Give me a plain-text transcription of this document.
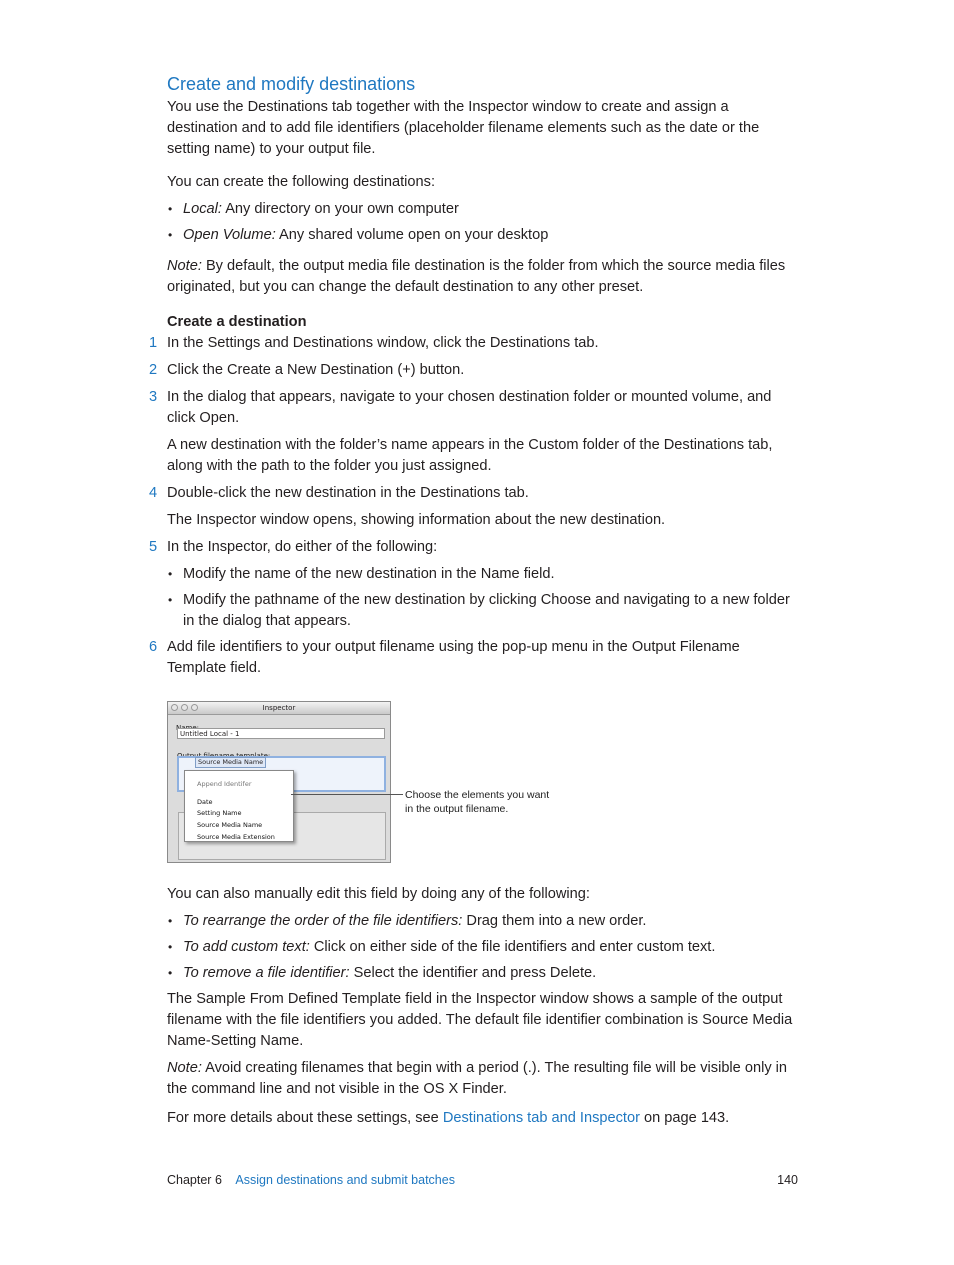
Create and modify destinations

You use the Destinations tab together with the Inspector window to create and assign a destination and to add file identifiers (placeholder filename elements such as the date or the setting name) to your output file.

You can create the following destinations:

• Local: Any directory on your own computer
• Open Volume: Any shared volume open on your desktop

Note: By default, the output media file destination is the folder from which the source media files originated, but you can change the default destination to any other preset.

Create a destination

1 In the Settings and Destinations window, click the Destinations tab.
2 Click the Create a New Destination (+) button.
3 In the dialog that appears, navigate to your chosen destination folder or mounted volume, and click Open.

A new destination with the folder’s name appears in the Custom folder of the Destinations tab, along with the path to the folder you just assigned.

4 Double-click the new destination in the Destinations tab.

The Inspector window opens, showing information about the new destination.

5 In the Inspector, do either of the following:
• Modify the name of the new destination in the Name field.
• Modify the pathname of the new destination by clicking Choose and navigating to a new folder in the dialog that appears.
6 Add file identifiers to your output filename using the pop-up menu in the Output Filename Template field.
Inspector
Untitled Local - 1
Source Media Name
Append Identifer
Date
Setting Name
Source Media Name
Source Media Extension
Choose the elements you want in the output filename.

You can also manually edit this field by doing any of the following:

• To rearrange the order of the file identifiers: Drag them into a new order.
• To add custom text: Click on either side of the file identifiers and enter custom text.
• To remove a file identifier: Select the identifier and press Delete.

The Sample From Defined Template field in the Inspector window shows a sample of the output filename with the file identifiers you added. The default file identifier combination is Source Media Name-Setting Name.

Note: Avoid creating filenames that begin with a period (.). The resulting file will be visible only in the command line and not visible in the OS X Finder.

For more details about these settings, see Destinations tab and Inspector on page 143.

Chapter 6 Assign destinations and submit batches	140
